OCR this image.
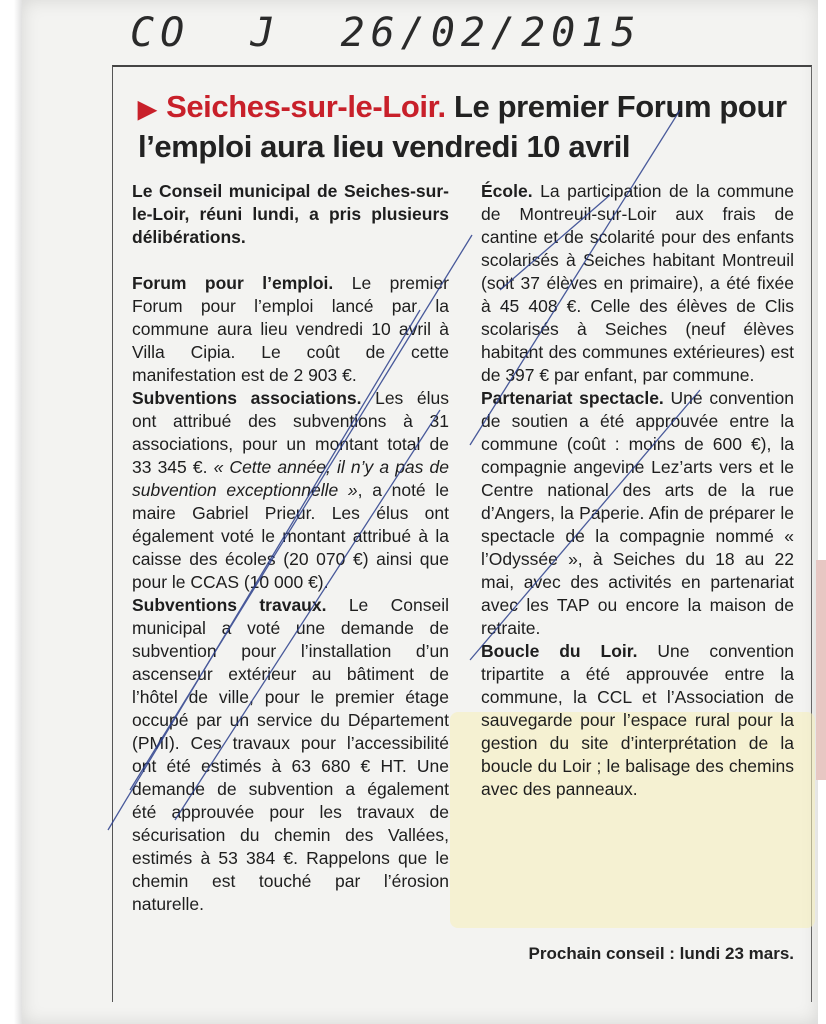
CO  J  26/02/2015
▶ Seiches-sur-le-Loir. Le premier Forum pour l’emploi aura lieu vendredi 10 avril

Le Conseil municipal de Seiches-sur-le-Loir, réuni lundi, a pris plusieurs délibérations.

Forum pour l’emploi. Le premier Forum pour l’emploi lancé par la commune aura lieu vendredi 10 avril à Villa Cipia. Le coût de cette manifestation est de 2 903 €.

Subventions associations. Les élus ont attribué des subventions à 31 associations, pour un montant total de 33 345 €. « Cette année, il n’y a pas de subvention exceptionnelle », a noté le maire Gabriel Prieur. Les élus ont également voté le montant attribué à la caisse des écoles (20 070 €) ainsi que pour le CCAS (10 000 €).

Subventions travaux. Le Conseil municipal a voté une demande de subvention pour l’installation d’un ascenseur extérieur au bâtiment de l’hôtel de ville, pour le premier étage occupé par un service du Département (PMI). Ces travaux pour l’accessibilité ont été estimés à 63 680 € HT. Une demande de subvention a également été approuvée pour les travaux de sécurisation du chemin des Vallées, estimés à 53 384 €. Rappelons que le chemin est touché par l’érosion naturelle.

École. La participation de la commune de Montreuil-sur-Loir aux frais de cantine et de scolarité pour des enfants scolarisés à Seiches habitant Montreuil (soit 37 élèves en primaire), a été fixée à 45 408 €. Celle des élèves de Clis scolarisés à Seiches (neuf élèves habitant des communes extérieures) est de 397 € par enfant, par commune.

Partenariat spectacle. Une convention de soutien a été approuvée entre la commune (coût : moins de 600 €), la compagnie angevine Lez’arts vers et le Centre national des arts de la rue d’Angers, la Paperie. Afin de préparer le spectacle de la compagnie nommé « l’Odyssée », à Seiches du 18 au 22 mai, avec des activités en partenariat avec les TAP ou encore la maison de retraite.

Boucle du Loir. Une convention tripartite a été approuvée entre la commune, la CCL et l’Association de sauvegarde pour l’espace rural pour la gestion du site d’interprétation de la boucle du Loir ; le balisage des chemins avec des panneaux.

Prochain conseil : lundi 23 mars.
